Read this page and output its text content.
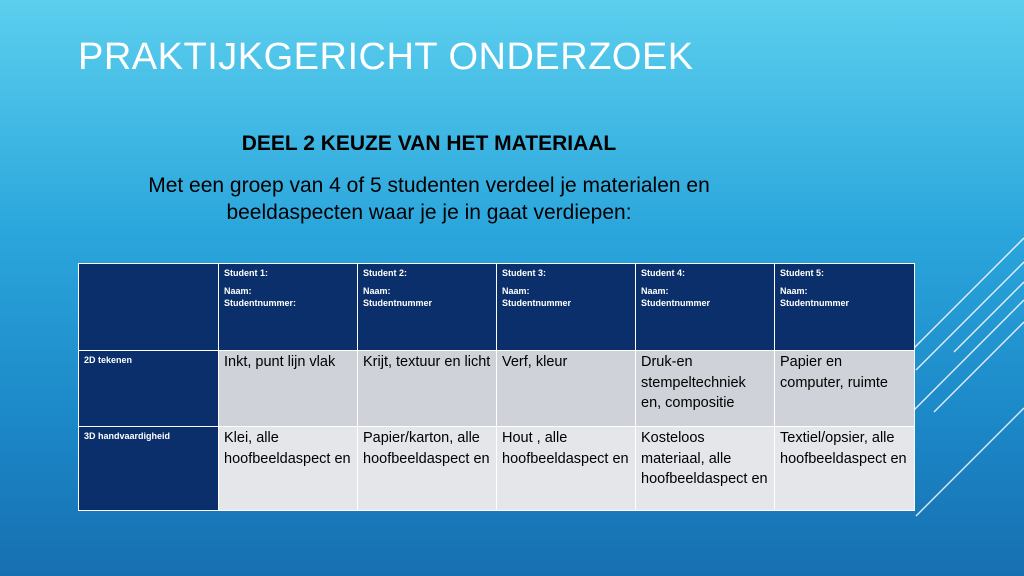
PRAKTIJKGERICHT ONDERZOEK
DEEL 2 KEUZE VAN HET MATERIAAL
Met een groep van 4 of 5 studenten verdeel je materialen en
beeldaspecten waar je je in gaat verdiepen:

	Student 1:
Naam:
Studentnummer:	Student 2:
Naam:
Studentnummer	Student 3:
Naam:
Studentnummer	Student 4:
Naam:
Studentnummer	Student 5:
Naam:
Studentnummer

2D tekenen	Inkt, punt lijn vlak	Krijt, textuur en licht	Verf, kleur	Druk-en stempeltechniek en, compositie	Papier en computer, ruimte
3D handvaardigheid	Klei, alle hoofbeeldaspect en	Papier/karton, alle hoofbeeldaspect en	Hout , alle hoofbeeldaspect en	Kosteloos materiaal, alle hoofbeeldaspect en	Textiel/opsier, alle hoofbeeldaspect en
